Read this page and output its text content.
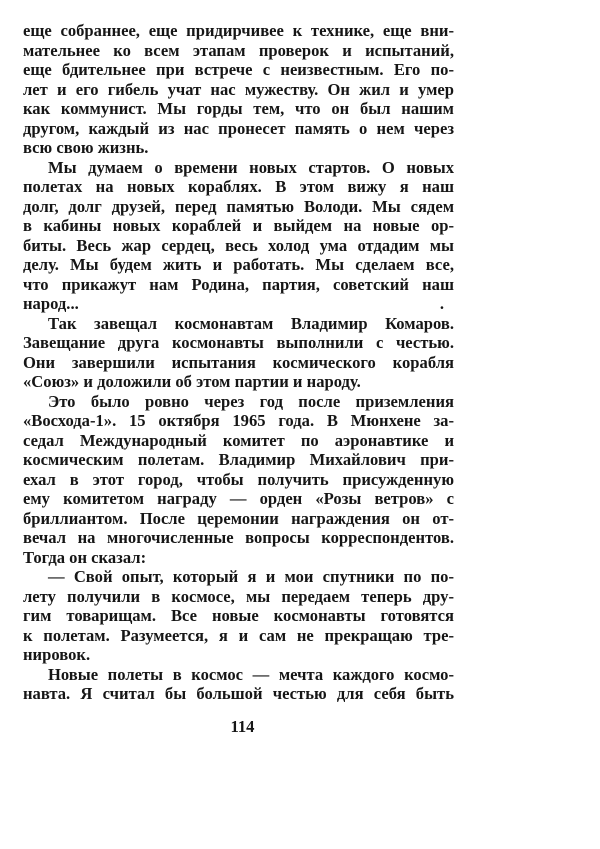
еще собраннее, еще придирчивее к технике, еще вни-
мательнее ко всем этапам проверок и испытаний,
еще бдительнее при встрече с неизвестным. Его по-
лет и его гибель учат нас мужеству. Он жил и умер
как коммунист. Мы горды тем, что он был нашим
другом, каждый из нас пронесет память о нем через
всю свою жизнь.
Мы думаем о времени новых стартов. О новых
полетах на новых кораблях. В этом вижу я наш
долг, долг друзей, перед памятью Володи. Мы сядем
в кабины новых кораблей и выйдем на новые ор-
биты. Весь жар сердец, весь холод ума отдадим мы
делу. Мы будем жить и работать. Мы сделаем все,
что прикажут нам Родина, партия, советский наш
народ...	.
Так завещал космонавтам Владимир Комаров.
Завещание друга космонавты выполнили с честью.
Они завершили испытания космического корабля
«Союз» и доложили об этом партии и народу.
Это было ровно через год после приземления
«Восхода-1». 15 октября 1965 года. В Мюнхене за-
седал Международный комитет по аэронавтике и
космическим полетам. Владимир Михайлович при-
ехал в этот город, чтобы получить присужденную
ему комитетом награду — орден «Розы ветров» с
бриллиантом. После церемонии награждения он от-
вечал на многочисленные вопросы корреспондентов.
Тогда он сказал:
— Свой опыт, который я и мои спутники по по-
лету получили в космосе, мы передаем теперь дру-
гим товарищам. Все новые космонавты готовятся
к полетам. Разумеется, я и сам не прекращаю тре-
нировок.
Новые полеты в космос — мечта каждого космо-
навта. Я считал бы большой честью для себя быть
114
